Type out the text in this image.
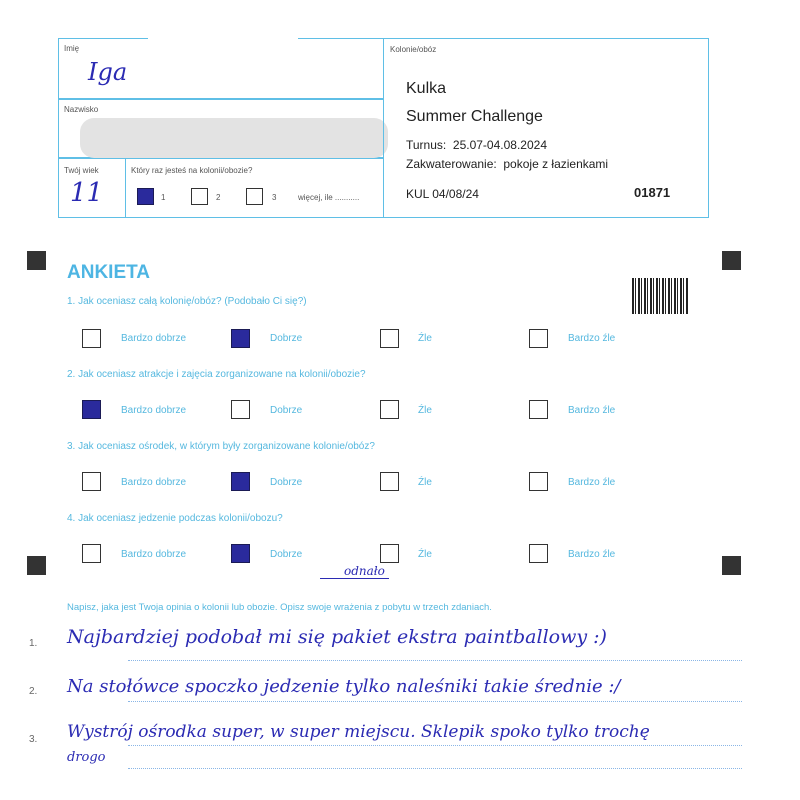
Imię
Iga
Nazwisko
Twój wiek
11
Który raz jesteś na kolonii/obozie?
1	2	3	więcej, ile ...........
Kolonie/obóz
Kulka
Summer Challenge
Turnus:  25.07-04.08.2024
Zakwaterowanie:  pokoje z łazienkami
KUL 04/08/24	01871
ANKIETA
1. Jak oceniasz całą kolonię/obóz? (Podobało Ci się?)
Bardzo dobrze	Dobrze	Źle	Bardzo źle
2. Jak oceniasz atrakcje i zajęcia zorganizowane na kolonii/obozie?
Bardzo dobrze	Dobrze	Źle	Bardzo źle
3. Jak oceniasz ośrodek, w którym były zorganizowane kolonie/obóz?
Bardzo dobrze	Dobrze	Źle	Bardzo źle
4. Jak oceniasz jedzenie podczas kolonii/obozu?
Bardzo dobrze	Dobrze	Źle	Bardzo źle
odnało
Napisz, jaka jest Twoja opinia o kolonii lub obozie. Opisz swoje wrażenia z pobytu w trzech zdaniach.
1. Najbardziej podobał mi się pakiet ekstra paintballowy :)
2. Na stołówce spoczko jedzenie tylko naleśniki takie średnie :/
3. Wystrój ośrodka super, w super miejscu. Sklepik spoko tylko trochę
drogo
